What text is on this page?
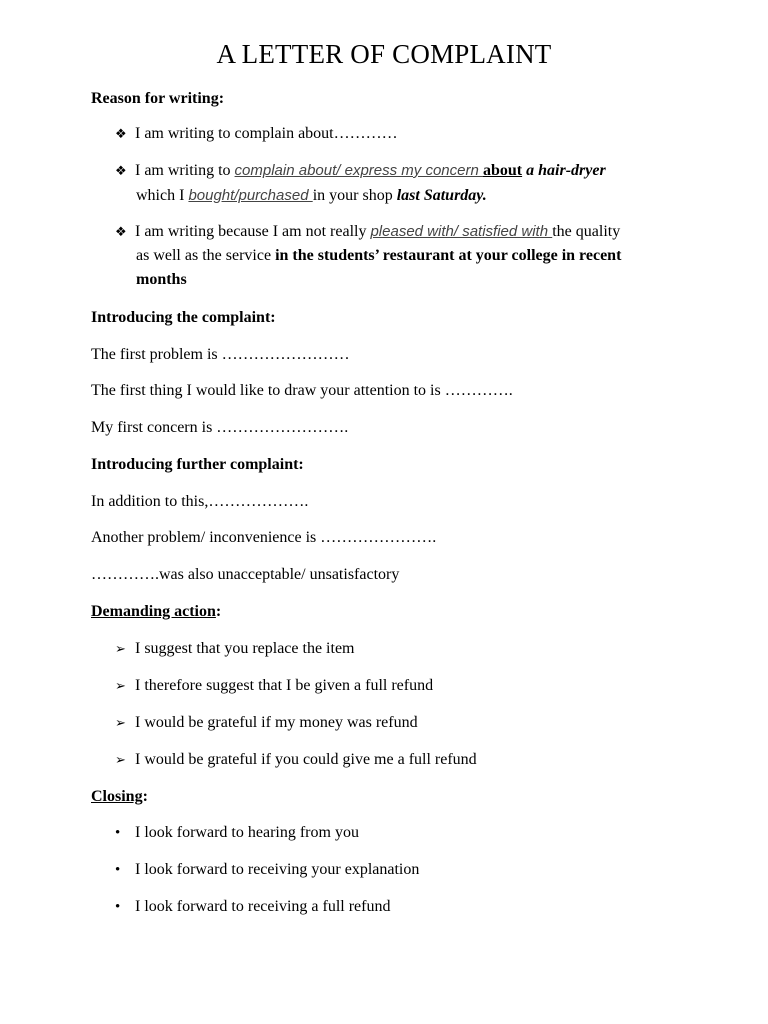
A LETTER OF COMPLAINT
Reason for writing:
❖ I am writing to complain about…………
❖ I am writing to complain about/ express my concern about a hair-dryer
which I bought/purchased in your shop last Saturday.
❖ I am writing because I am not really pleased with/ satisfied with the quality
as well as the service in the students’ restaurant at your college in recent
months
Introducing the complaint:
The first problem is ……………………
The first thing I would like to draw your attention to is ………….
My first concern is …………………….
Introducing further complaint:
In addition to this,……………….
Another problem/ inconvenience is ………………….
………….was also unacceptable/ unsatisfactory
Demanding action:
➢ I suggest that you replace the item
➢ I therefore suggest that I be given a full refund
➢ I would be grateful if my money was refund
➢ I would be grateful if you could give me a full refund
Closing:
• I look forward to hearing from you
• I look forward to receiving your explanation
• I look forward to receiving a full refund
